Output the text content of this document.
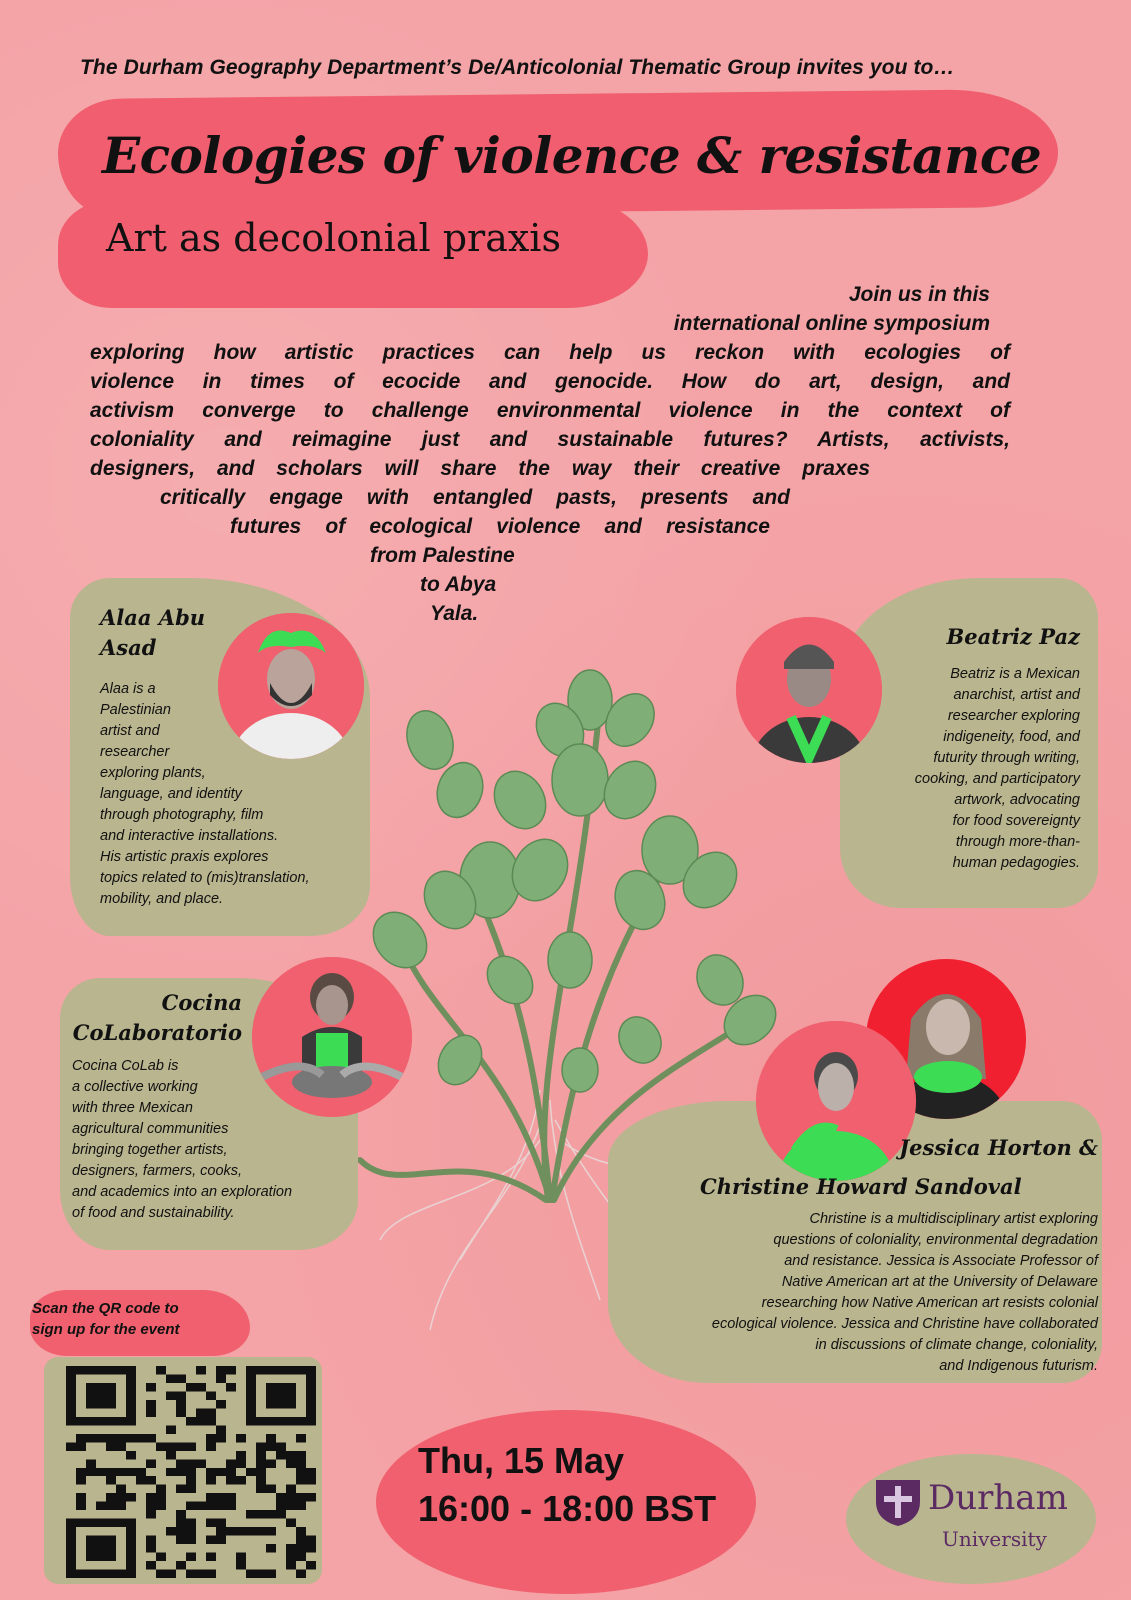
The Durham Geography Department’s De/Anticolonial Thematic Group invites you to…
Ecologies of violence & resistance
Art as decolonial praxis
Join us in this
international online symposium
exploring how artistic practices can help us reckon with ecologies of
violence in times of ecocide and genocide. How do art, design, and
activism converge to challenge environmental violence in the context of
coloniality and reimagine just and sustainable futures? Artists, activists,
designers, and scholars will share the way their creative praxes
critically engage with entangled pasts, presents and
futures of ecological violence and resistance
from Palestine
to Abya
Yala.
Alaa Abu
Asad
Alaa is a
Palestinian
artist and
researcher
exploring plants,
language, and identity
through photography, film
and interactive installations.
His artistic praxis explores
topics related to (mis)translation,
mobility, and place.
Beatriz Paz
Beatriz is a Mexican
anarchist, artist and
researcher exploring
indigeneity, food, and
futurity through writing,
cooking, and participatory
artwork, advocating
for food sovereignty
through more-than-
human pedagogies.
Cocina
CoLaboratorio
Cocina CoLab is
a collective working
with three Mexican
agricultural communities
bringing together artists,
designers, farmers, cooks,
and academics into an exploration
of food and sustainability.
Jessica Horton &
Christine Howard Sandoval
Christine is a multidisciplinary artist exploring
questions of coloniality, environmental degradation
and resistance. Jessica is Associate Professor of
Native American art at the University of Delaware
researching how Native American art resists colonial
ecological violence. Jessica and Christine have collaborated
in discussions of climate change, coloniality,
and Indigenous futurism.
Scan the QR code to
sign up for the event
Thu, 15 May
16:00 - 18:00 BST	Durham
University
